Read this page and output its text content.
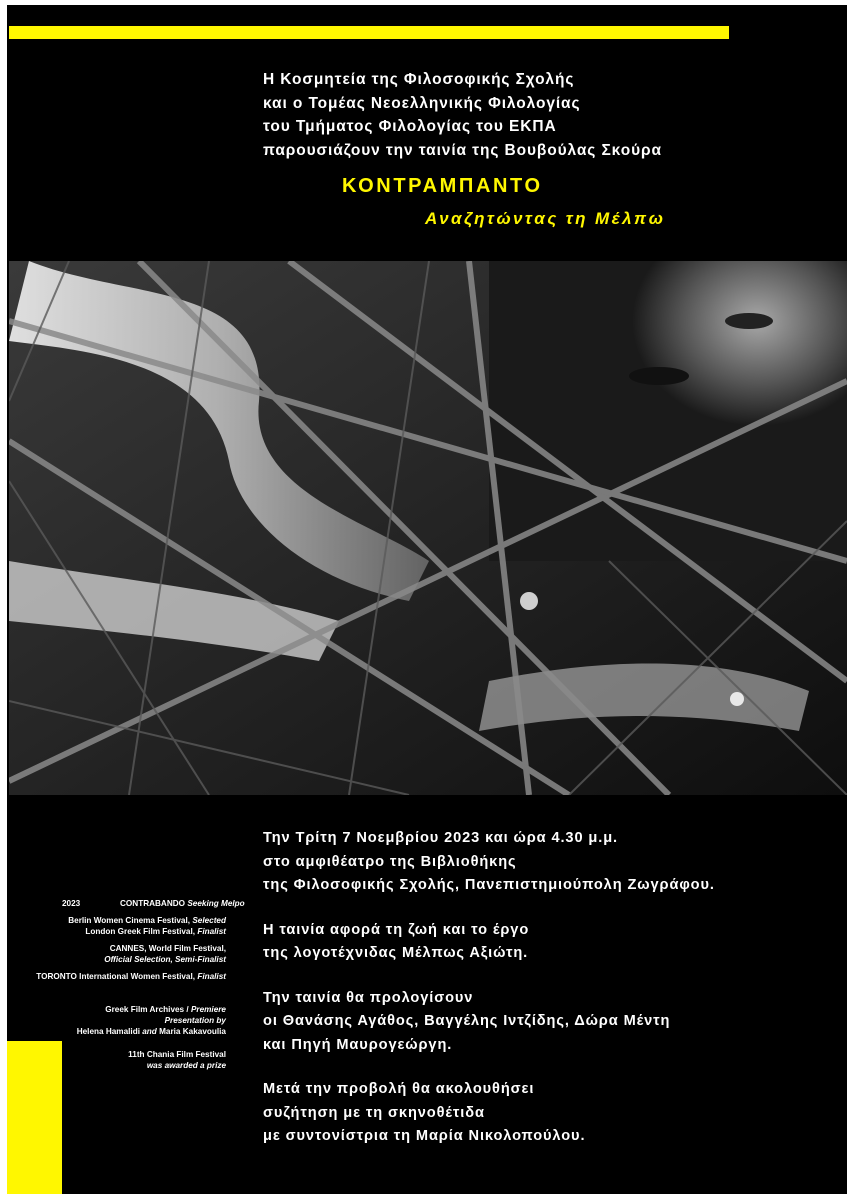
Η Κοσμητεία της Φιλοσοφικής Σχολής
και ο Τομέας Νεοελληνικής Φιλολογίας
του Τμήματος Φιλολογίας του ΕΚΠΑ
παρουσιάζουν την ταινία της Βουβούλας Σκούρα
ΚΟΝΤΡΑΜΠΑΝΤΟ
Αναζητώντας τη Μέλπω
2023	CONTRABANDO Seeking Melpo
Berlin Women Cinema Festival, Selected
London Greek Film Festival, Finalist
CANNES, World Film Festival,
Official Selection, Semi-Finalist
TORONTO International Women Festival, Finalist
Greek Film Archives / Premiere
Presentation by
Helena Hamalidi and Maria Kakavoulia
11th Chania Film Festival
was awarded a prize
Την Τρίτη 7 Νοεμβρίου 2023 και ώρα 4.30 μ.μ.
στο αμφιθέατρο της Βιβλιοθήκης
της Φιλοσοφικής Σχολής, Πανεπιστημιούπολη Ζωγράφου.
Η ταινία αφορά τη ζωή και το έργο
της λογοτέχνιδας Μέλπως Αξιώτη.
Την ταινία θα προλογίσουν
οι Θανάσης Αγάθος, Βαγγέλης Ιντζίδης, Δώρα Μέντη
και Πηγή Μαυρογεώργη.
Μετά την προβολή θα ακολουθήσει
συζήτηση με τη σκηνοθέτιδα
με συντονίστρια τη Μαρία Νικολοπούλου.
